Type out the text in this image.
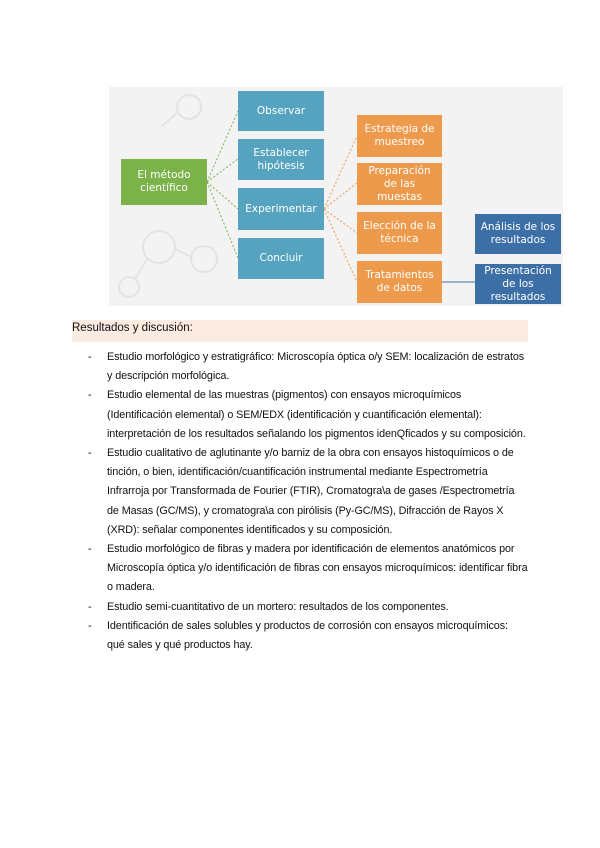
El método científico
Observar
Establecer hipótesis
Experimentar
Concluir
Estrategia de muestreo
Preparación de las muestas
Elección de la técnica
Tratamientos de datos
Análisis de los resultados
Presentación de los resultados
Resultados y discusión:
- Estudio morfológico y estratigráfico: Microscopía óptica o/y SEM: localización de estratos y descripción morfológica.
- Estudio elemental de las muestras (pigmentos) con ensayos microquímicos (Identificación elemental) o SEM/EDX (identificación y cuantificación elemental): interpretación de los resultados señalando los pigmentos idenQficados y su composición.
- Estudio cualitativo de aglutinante y/o barniz de la obra con ensayos histoquímicos o de tinción, o bien, identificación/cuantificación instrumental mediante Espectrometría Infrarroja por Transformada de Fourier (FTIR), Cromatogra\a de gases /Espectrometría de Masas (GC/MS), y cromatogra\a con pirólisis (Py-GC/MS), Difracción de Rayos X (XRD): señalar componentes identificados y su composición.
- Estudio morfológico de fibras y madera por identificación de elementos anatómicos por Microscopía óptica y/o identificación de fibras con ensayos microquímicos: identificar fibra o madera.
- Estudio semi-cuantitativo de un mortero: resultados de los componentes.
- Identificación de sales solubles y productos de corrosión con ensayos microquímicos: qué sales y qué productos hay.
